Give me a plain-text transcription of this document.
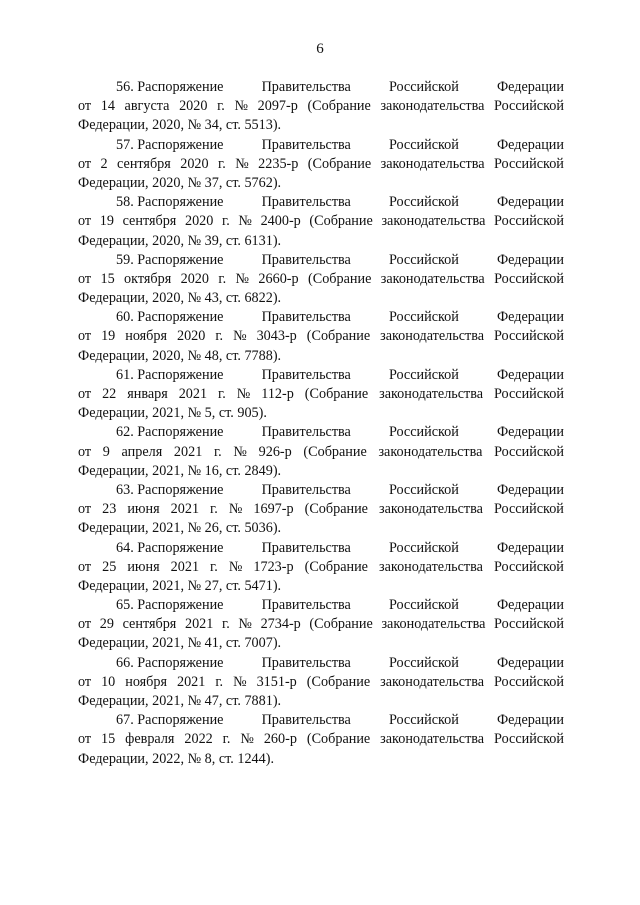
6
56. Распоряжение	Правительства	Российской	Федерации
от 14 августа 2020 г. № 2097-р (Собрание законодательства Российской
Федерации, 2020, № 34, ст. 5513).
57. Распоряжение	Правительства	Российской	Федерации
от 2 сентября 2020 г. № 2235-р (Собрание законодательства Российской
Федерации, 2020, № 37, ст. 5762).
58. Распоряжение	Правительства	Российской	Федерации
от 19 сентября 2020 г. № 2400-р (Собрание законодательства Российской
Федерации, 2020, № 39, ст. 6131).
59. Распоряжение	Правительства	Российской	Федерации
от 15 октября 2020 г. № 2660-р (Собрание законодательства Российской
Федерации, 2020, № 43, ст. 6822).
60. Распоряжение	Правительства	Российской	Федерации
от 19 ноября 2020 г. № 3043-р (Собрание законодательства Российской
Федерации, 2020, № 48, ст. 7788).
61. Распоряжение	Правительства	Российской	Федерации
от 22 января 2021 г. № 112-р (Собрание законодательства Российской
Федерации, 2021, № 5, ст. 905).
62. Распоряжение	Правительства	Российской	Федерации
от 9 апреля 2021 г. № 926-р (Собрание законодательства Российской
Федерации, 2021, № 16, ст. 2849).
63. Распоряжение	Правительства	Российской	Федерации
от 23 июня 2021 г. № 1697-р (Собрание законодательства Российской
Федерации, 2021, № 26, ст. 5036).
64. Распоряжение	Правительства	Российской	Федерации
от 25 июня 2021 г. № 1723-р (Собрание законодательства Российской
Федерации, 2021, № 27, ст. 5471).
65. Распоряжение	Правительства	Российской	Федерации
от 29 сентября 2021 г. № 2734-р (Собрание законодательства Российской
Федерации, 2021, № 41, ст. 7007).
66. Распоряжение	Правительства	Российской	Федерации
от 10 ноября 2021 г. № 3151-р (Собрание законодательства Российской
Федерации, 2021, № 47, ст. 7881).
67. Распоряжение	Правительства	Российской	Федерации
от 15 февраля 2022 г. № 260-р (Собрание законодательства Российской
Федерации, 2022, № 8, ст. 1244).
